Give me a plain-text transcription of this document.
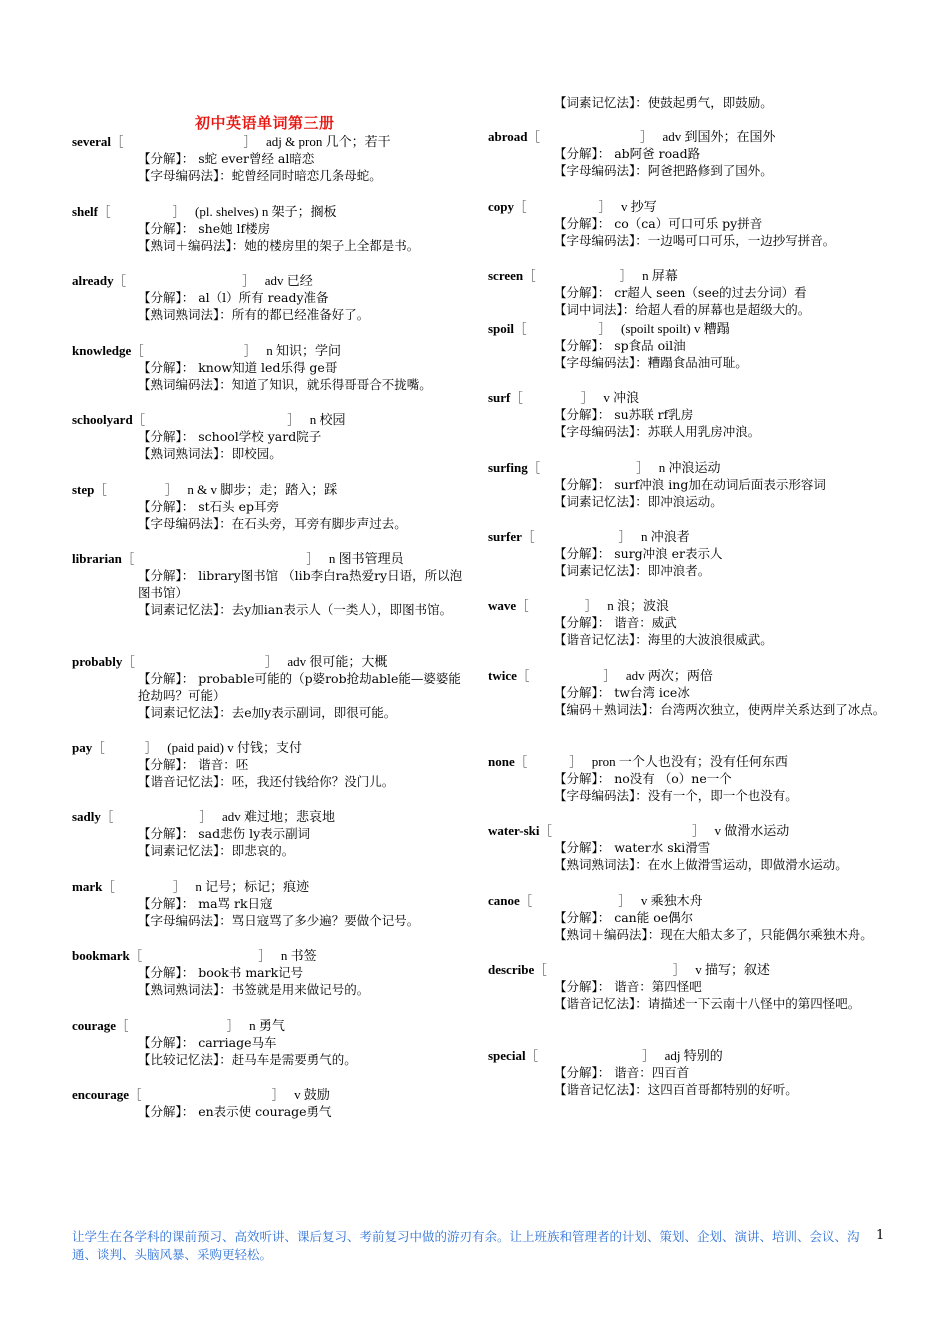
初中英语单词第三册
several［	］ adj & pron 几个；若干
【分解】： s蛇 ever曾经 al暗恋
【字母编码法】：蛇曾经同时暗恋几条母蛇。
shelf［	］ (pl. shelves) n 架子；搁板
【分解】： she她 lf楼房
【熟词＋编码法】：她的楼房里的架子上全都是书。
already［	］ adv 已经
【分解】： al（l）所有 ready准备
【熟词熟词法】：所有的都已经准备好了。
knowledge［	］ n 知识；学问
【分解】： know知道 led乐得 ge哥
【熟词编码法】：知道了知识，就乐得哥哥合不拢嘴。
schoolyard［	］ n 校园
【分解】： school学校 yard院子
【熟词熟词法】：即校园。
step［	］ n & v 脚步；走；踏入；踩
【分解】： st石头 ep耳旁
【字母编码法】：在石头旁，耳旁有脚步声过去。
librarian［	］ n 图书管理员
【分解】： library图书馆 （lib李白ra热爱ry日语，所以泡图书馆）
【词素记忆法】：去y加ian表示人（一类人），即图书馆。
probably［	］ adv 很可能；大概
【分解】： probable可能的（p婆rob抢劫able能—婆婆能抢劫吗？可能）
【词素记忆法】：去e加y表示副词，即很可能。
pay［	］ (paid paid) v 付钱；支付
【分解】： 谐音：呸
【谐音记忆法】：呸，我还付钱给你？没门儿。
sadly［	］ adv 难过地；悲哀地
【分解】： sad悲伤 ly表示副词
【词素记忆法】：即悲哀的。
mark［	］ n 记号；标记；痕迹
【分解】： ma骂 rk日寇
【字母编码法】：骂日寇骂了多少遍？要做个记号。
bookmark［	］ n 书签
【分解】： book书 mark记号
【熟词熟词法】：书签就是用来做记号的。
courage［	］ n 勇气
【分解】： carriage马车
【比较记忆法】：赶马车是需要勇气的。
encourage［	］ v 鼓励
【分解】： en表示使 courage勇气
【词素记忆法】：使鼓起勇气，即鼓励。
abroad［	］ adv 到国外；在国外
【分解】： ab阿爸 road路
【字母编码法】：阿爸把路修到了国外。
copy［	］ v 抄写
【分解】： co（ca）可口可乐 py拼音
【字母编码法】：一边喝可口可乐，一边抄写拼音。
screen［	］ n 屏幕
【分解】： cr超人 seen（see的过去分词）看
【词中词法】：给超人看的屏幕也是超级大的。
spoil［	］ (spoilt spoilt) v 糟蹋
【分解】： sp食品 oil油
【字母编码法】：糟蹋食品油可耻。
surf［	］ v 冲浪
【分解】： su苏联 rf乳房
【字母编码法】：苏联人用乳房冲浪。
surfing［	］ n 冲浪运动
【分解】： surf冲浪 ing加在动词后面表示形容词
【词素记忆法】：即冲浪运动。
surfer［	］ n 冲浪者
【分解】： surg冲浪 er表示人
【词素记忆法】：即冲浪者。
wave［	］ n 浪；波浪
【分解】： 谐音：威武
【谐音记忆法】：海里的大波浪很威武。
twice［	］ adv 两次；两倍
【分解】： tw台湾 ice冰
【编码＋熟词法】：台湾两次独立，使两岸关系达到了冰点。
none［	］ pron 一个人也没有；没有任何东西
【分解】： no没有 （o）ne一个
【字母编码法】：没有一个，即一个也没有。
water-ski［	］ v 做滑水运动
【分解】： water水 ski滑雪
【熟词熟词法】：在水上做滑雪运动，即做滑水运动。
canoe［	］ v 乘独木舟
【分解】： can能 oe偶尔
【熟词＋编码法】：现在大船太多了，只能偶尔乘独木舟。
describe［	］ v 描写；叙述
【分解】： 谐音：第四怪吧
【谐音记忆法】：请描述一下云南十八怪中的第四怪吧。
special［	］ adj 特别的
【分解】： 谐音：四百首
【谐音记忆法】：这四百首哥都特别的好听。
让学生在各学科的课前预习、高效听讲、课后复习、考前复习中做的游刃有余。让上班族和管理者的计划、策划、企划、演讲、培训、会议、沟通、谈判、头脑风暴、采购更轻松。
1
